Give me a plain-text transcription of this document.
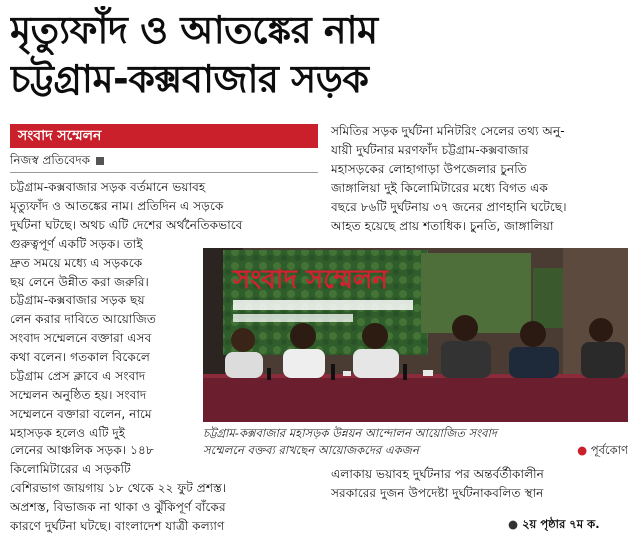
মৃত্যুফাঁদ ও আতঙ্কের নাম
চট্টগ্রাম-কক্সবাজার সড়ক
সংবাদ সম্মেলন
নিজস্ব প্রতিবেদক
চট্টগ্রাম-কক্সবাজার সড়ক বর্তমানে ভয়াবহ
মৃত্যুফাঁদ ও আতঙ্কের নাম। প্রতিদিন এ সড়কে
দুর্ঘটনা ঘটছে। অথচ এটি দেশের অর্থনৈতিকভাবে
গুরুত্বপূর্ণ একটি সড়ক। তাই
দ্রুত সময়ে মধ্যে এ সড়ককে
ছয় লেনে উন্নীত করা জরুরি।
চট্টগ্রাম-কক্সবাজার সড়ক ছয়
লেন করার দাবিতে আয়োজিত
সংবাদ সম্মেলনে বক্তারা এসব
কথা বলেন। গতকাল বিকেলে
চট্টগ্রাম প্রেস ক্লাবে এ সংবাদ
সম্মেলন অনুষ্ঠিত হয়। সংবাদ
সম্মেলনে বক্তারা বলেন, নামে
মহাসড়ক হলেও এটি দুই
লেনের আঞ্চলিক সড়ক। ১৪৮
কিলোমিটারের এ সড়কটি
বেশিরভাগ জায়গায় ১৮ থেকে ২২ ফুট প্রশস্ত।
অপ্রশস্ত, বিভাজক না থাকা ও ঝুঁকিপূর্ণ বাঁকের
কারণে দুর্ঘটনা ঘটছে। বাংলাদেশ যাত্রী কল্যাণ
সমিতির সড়ক দুর্ঘটনা মনিটরিং সেলের তথ্য অনু-
যায়ী দুর্ঘটনার মরণফাঁদ চট্টগ্রাম-কক্সবাজার
মহাসড়কের লোহাগাড়া উপজেলার চুনতি
জাঙ্গালিয়া দুই কিলোমিটারের মধ্যে বিগত এক
বছরে ৮৬টি দুর্ঘটনায় ৩৭ জনের প্রাণহানি ঘটেছে।
আহত হয়েছে প্রায় শতাধিক। চুনতি, জাঙ্গালিয়া
সংবাদ সম্মেলন
চট্টগ্রাম-কক্সবাজার মহাসড়ক উন্নয়ন আন্দোলন আয়োজিত সংবাদ
সম্মেলনে বক্তব্য রাখছেন আয়োজকদের একজন	● পূর্বকোণ
এলাকায় ভয়াবহ দুর্ঘটনার পর অন্তর্বর্তীকালীন
সরকারের দুজন উপদেষ্টা দুর্ঘটনাকবলিত স্থান
● ২য় পৃষ্ঠার ৭ম ক.
